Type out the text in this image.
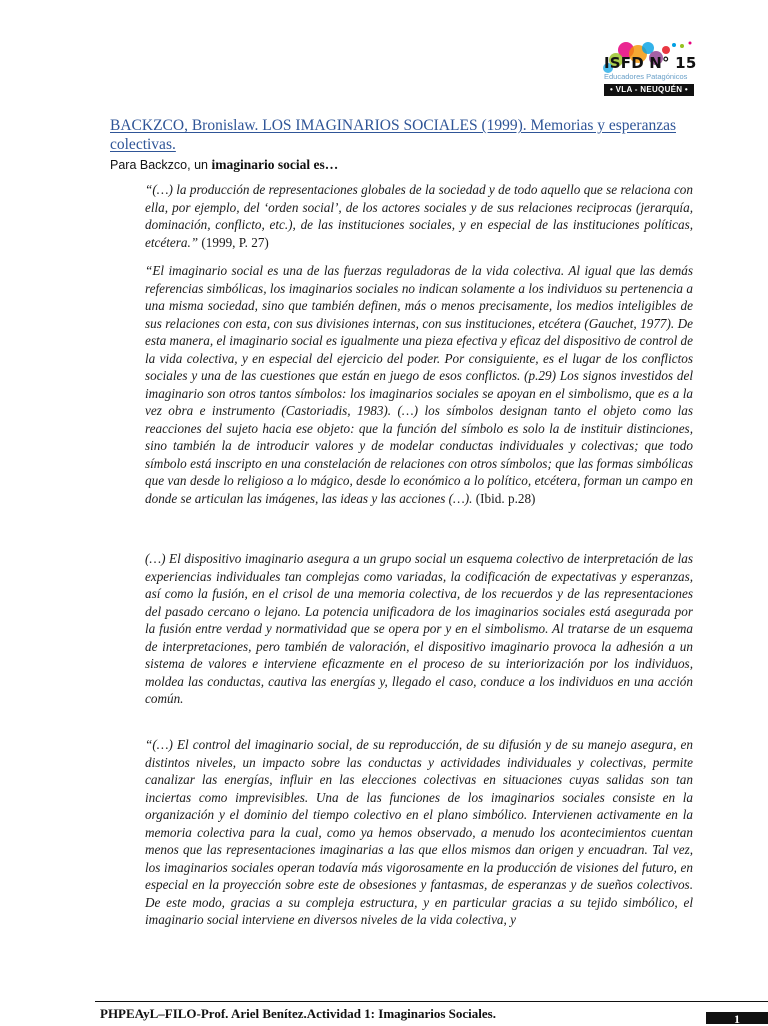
ISFD N° 15
Educadores Patagónicos
• VLA - NEUQUÉN •
BACKZCO, Bronislaw. LOS IMAGINARIOS SOCIALES (1999). Memorias y esperanzas colectivas.
Para Backzco, un imaginario social es…
“(…) la producción de representaciones globales de la sociedad y de todo aquello que se relaciona con ella, por ejemplo, del ‘orden social’, de los actores sociales y de sus relaciones reciprocas (jerarquía, dominación, conflicto, etc.), de las instituciones sociales, y en especial de las instituciones políticas, etcétera.” (1999, P. 27)
“El imaginario social es una de las fuerzas reguladoras de la vida colectiva. Al igual que las demás referencias simbólicas, los imaginarios sociales no indican solamente a los individuos su pertenencia a una misma sociedad, sino que también definen, más o menos precisamente, los medios inteligibles de sus relaciones con esta, con sus divisiones internas, con sus instituciones, etcétera (Gauchet, 1977). De esta manera, el imaginario social es igualmente una pieza efectiva y eficaz del dispositivo de control de la vida colectiva, y en especial del ejercicio del poder. Por consiguiente, es el lugar de los conflictos sociales y una de las cuestiones que están en juego de esos conflictos. (p.29) Los signos investidos del imaginario son otros tantos símbolos: los imaginarios sociales se apoyan en el simbolismo, que es a la vez obra e instrumento (Castoriadis, 1983). (…) los símbolos designan tanto el objeto como las reacciones del sujeto hacia ese objeto: que la función del símbolo es solo la de instituir distinciones, sino también la de introducir valores y de modelar conductas individuales y colectivas; que todo símbolo está inscripto en una constelación de relaciones con otros símbolos; que las formas simbólicas que van desde lo religioso a lo mágico, desde lo económico a lo político, etcétera, forman un campo en donde se articulan las imágenes, las ideas y las acciones (…). (Ibid. p.28)
(…) El dispositivo imaginario asegura a un grupo social un esquema colectivo de interpretación de las experiencias individuales tan complejas como variadas, la codificación de expectativas y esperanzas, así como la fusión, en el crisol de una memoria colectiva, de los recuerdos y de las representaciones del pasado cercano o lejano. La potencia unificadora de los imaginarios sociales está asegurada por la fusión entre verdad y normatividad que se opera por y en el simbolismo. Al tratarse de un esquema de interpretaciones, pero también de valoración, el dispositivo imaginario provoca la adhesión a un sistema de valores e interviene eficazmente en el proceso de su interiorización por los individuos, moldea las conductas, cautiva las energías y, llegado el caso, conduce a los individuos en una acción común.
“(…) El control del imaginario social, de su reproducción, de su difusión y de su manejo asegura, en distintos niveles, un impacto sobre las conductas y actividades individuales y colectivas, permite canalizar las energías, influir en las elecciones colectivas en situaciones cuyas salidas son tan inciertas como imprevisibles. Una de las funciones de los imaginarios sociales consiste en la organización y el dominio del tiempo colectivo en el plano simbólico. Intervienen activamente en la memoria colectiva para la cual, como ya hemos observado, a menudo los acontecimientos cuentan menos que las representaciones imaginarias a las que ellos mismos dan origen y encuadran. Tal vez, los imaginarios sociales operan todavía más vigorosamente en la producción de visiones del futuro, en especial en la proyección sobre este de obsesiones y fantasmas, de esperanzas y de sueños colectivos. De este modo, gracias a su compleja estructura, y en particular gracias a su tejido simbólico, el imaginario social interviene en diversos niveles de la vida colectiva, y
PHPEAyL–FILO-Prof. Ariel Benítez.Actividad 1: Imaginarios Sociales.	1
